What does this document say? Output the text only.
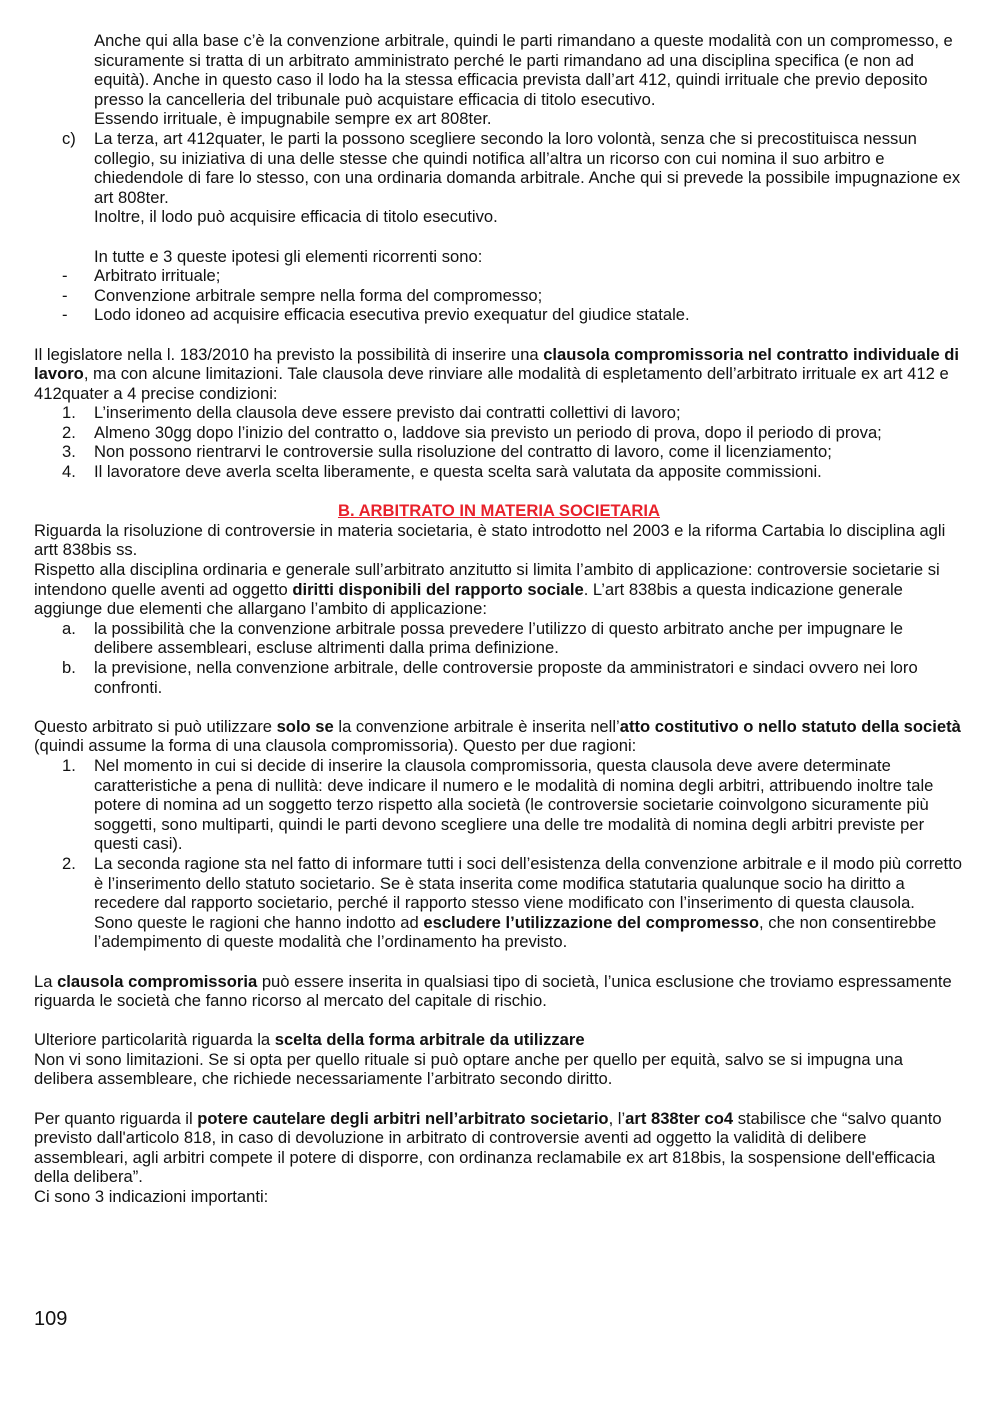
Anche qui alla base c’è la convenzione arbitrale, quindi le parti rimandano a queste modalità con un compromesso, e sicuramente si tratta di un arbitrato amministrato perché le parti rimandano ad una disciplina specifica (e non ad equità). Anche in questo caso il lodo ha la stessa efficacia prevista dall’art 412, quindi irrituale che previo deposito presso la cancelleria del tribunale può acquistare efficacia di titolo esecutivo.

Essendo irrituale, è impugnabile sempre ex art 808ter.

c) La terza, art 412quater, le parti la possono scegliere secondo la loro volontà, senza che si precostituisca nessun collegio, su iniziativa di una delle stesse che quindi notifica all’altra un ricorso con cui nomina il suo arbitro e chiedendole di fare lo stesso, con una ordinaria domanda arbitrale. Anche qui si prevede la possibile impugnazione ex art 808ter.

Inoltre, il lodo può acquisire efficacia di titolo esecutivo.

In tutte e 3 queste ipotesi gli elementi ricorrenti sono:

- Arbitrato irrituale;

- Convenzione arbitrale sempre nella forma del compromesso;

- Lodo idoneo ad acquisire efficacia esecutiva previo exequatur del giudice statale.

Il legislatore nella l. 183/2010 ha previsto la possibilità di inserire una clausola compromissoria nel contratto individuale di lavoro, ma con alcune limitazioni. Tale clausola deve rinviare alle modalità di espletamento dell’arbitrato irrituale ex art 412 e 412quater a 4 precise condizioni:

1. L’inserimento della clausola deve essere previsto dai contratti collettivi di lavoro;

2. Almeno 30gg dopo l’inizio del contratto o, laddove sia previsto un periodo di prova, dopo il periodo di prova;

3. Non possono rientrarvi le controversie sulla risoluzione del contratto di lavoro, come il licenziamento;

4. Il lavoratore deve averla scelta liberamente, e questa scelta sarà valutata da apposite commissioni.

B. ARBITRATO IN MATERIA SOCIETARIA

Riguarda la risoluzione di controversie in materia societaria, è stato introdotto nel 2003 e la riforma Cartabia lo disciplina agli artt 838bis ss.

Rispetto alla disciplina ordinaria e generale sull’arbitrato anzitutto si limita l’ambito di applicazione: controversie societarie si intendono quelle aventi ad oggetto diritti disponibili del rapporto sociale. L’art 838bis a questa indicazione generale aggiunge due elementi che allargano l’ambito di applicazione:

a. la possibilità che la convenzione arbitrale possa prevedere l’utilizzo di questo arbitrato anche per impugnare le delibere assembleari, escluse altrimenti dalla prima definizione.

b. la previsione, nella convenzione arbitrale, delle controversie proposte da amministratori e sindaci ovvero nei loro confronti.

Questo arbitrato si può utilizzare solo se la convenzione arbitrale è inserita nell’atto costitutivo o nello statuto della società (quindi assume la forma di una clausola compromissoria). Questo per due ragioni:

1. Nel momento in cui si decide di inserire la clausola compromissoria, questa clausola deve avere determinate caratteristiche a pena di nullità: deve indicare il numero e le modalità di nomina degli arbitri, attribuendo inoltre tale potere di nomina ad un soggetto terzo rispetto alla società (le controversie societarie coinvolgono sicuramente più soggetti, sono multiparti, quindi le parti devono scegliere una delle tre modalità di nomina degli arbitri previste per questi casi).

2. La seconda ragione sta nel fatto di informare tutti i soci dell’esistenza della convenzione arbitrale e il modo più corretto è l’inserimento dello statuto societario. Se è stata inserita come modifica statutaria qualunque socio ha diritto a recedere dal rapporto societario, perché il rapporto stesso viene modificato con l’inserimento di questa clausola.

Sono queste le ragioni che hanno indotto ad escludere l’utilizzazione del compromesso, che non consentirebbe l’adempimento di queste modalità che l’ordinamento ha previsto.

La clausola compromissoria può essere inserita in qualsiasi tipo di società, l’unica esclusione che troviamo espressamente riguarda le società che fanno ricorso al mercato del capitale di rischio.

Ulteriore particolarità riguarda la scelta della forma arbitrale da utilizzare

Non vi sono limitazioni. Se si opta per quello rituale si può optare anche per quello per equità, salvo se si impugna una delibera assembleare, che richiede necessariamente l’arbitrato secondo diritto.

Per quanto riguarda il potere cautelare degli arbitri nell’arbitrato societario, l’art 838ter co4 stabilisce che “salvo quanto previsto dall'articolo 818, in caso di devoluzione in arbitrato di controversie aventi ad oggetto la validità di delibere assembleari, agli arbitri compete il potere di disporre, con ordinanza reclamabile ex art 818bis, la sospensione dell'efficacia della delibera”.

Ci sono 3 indicazioni importanti:

109
